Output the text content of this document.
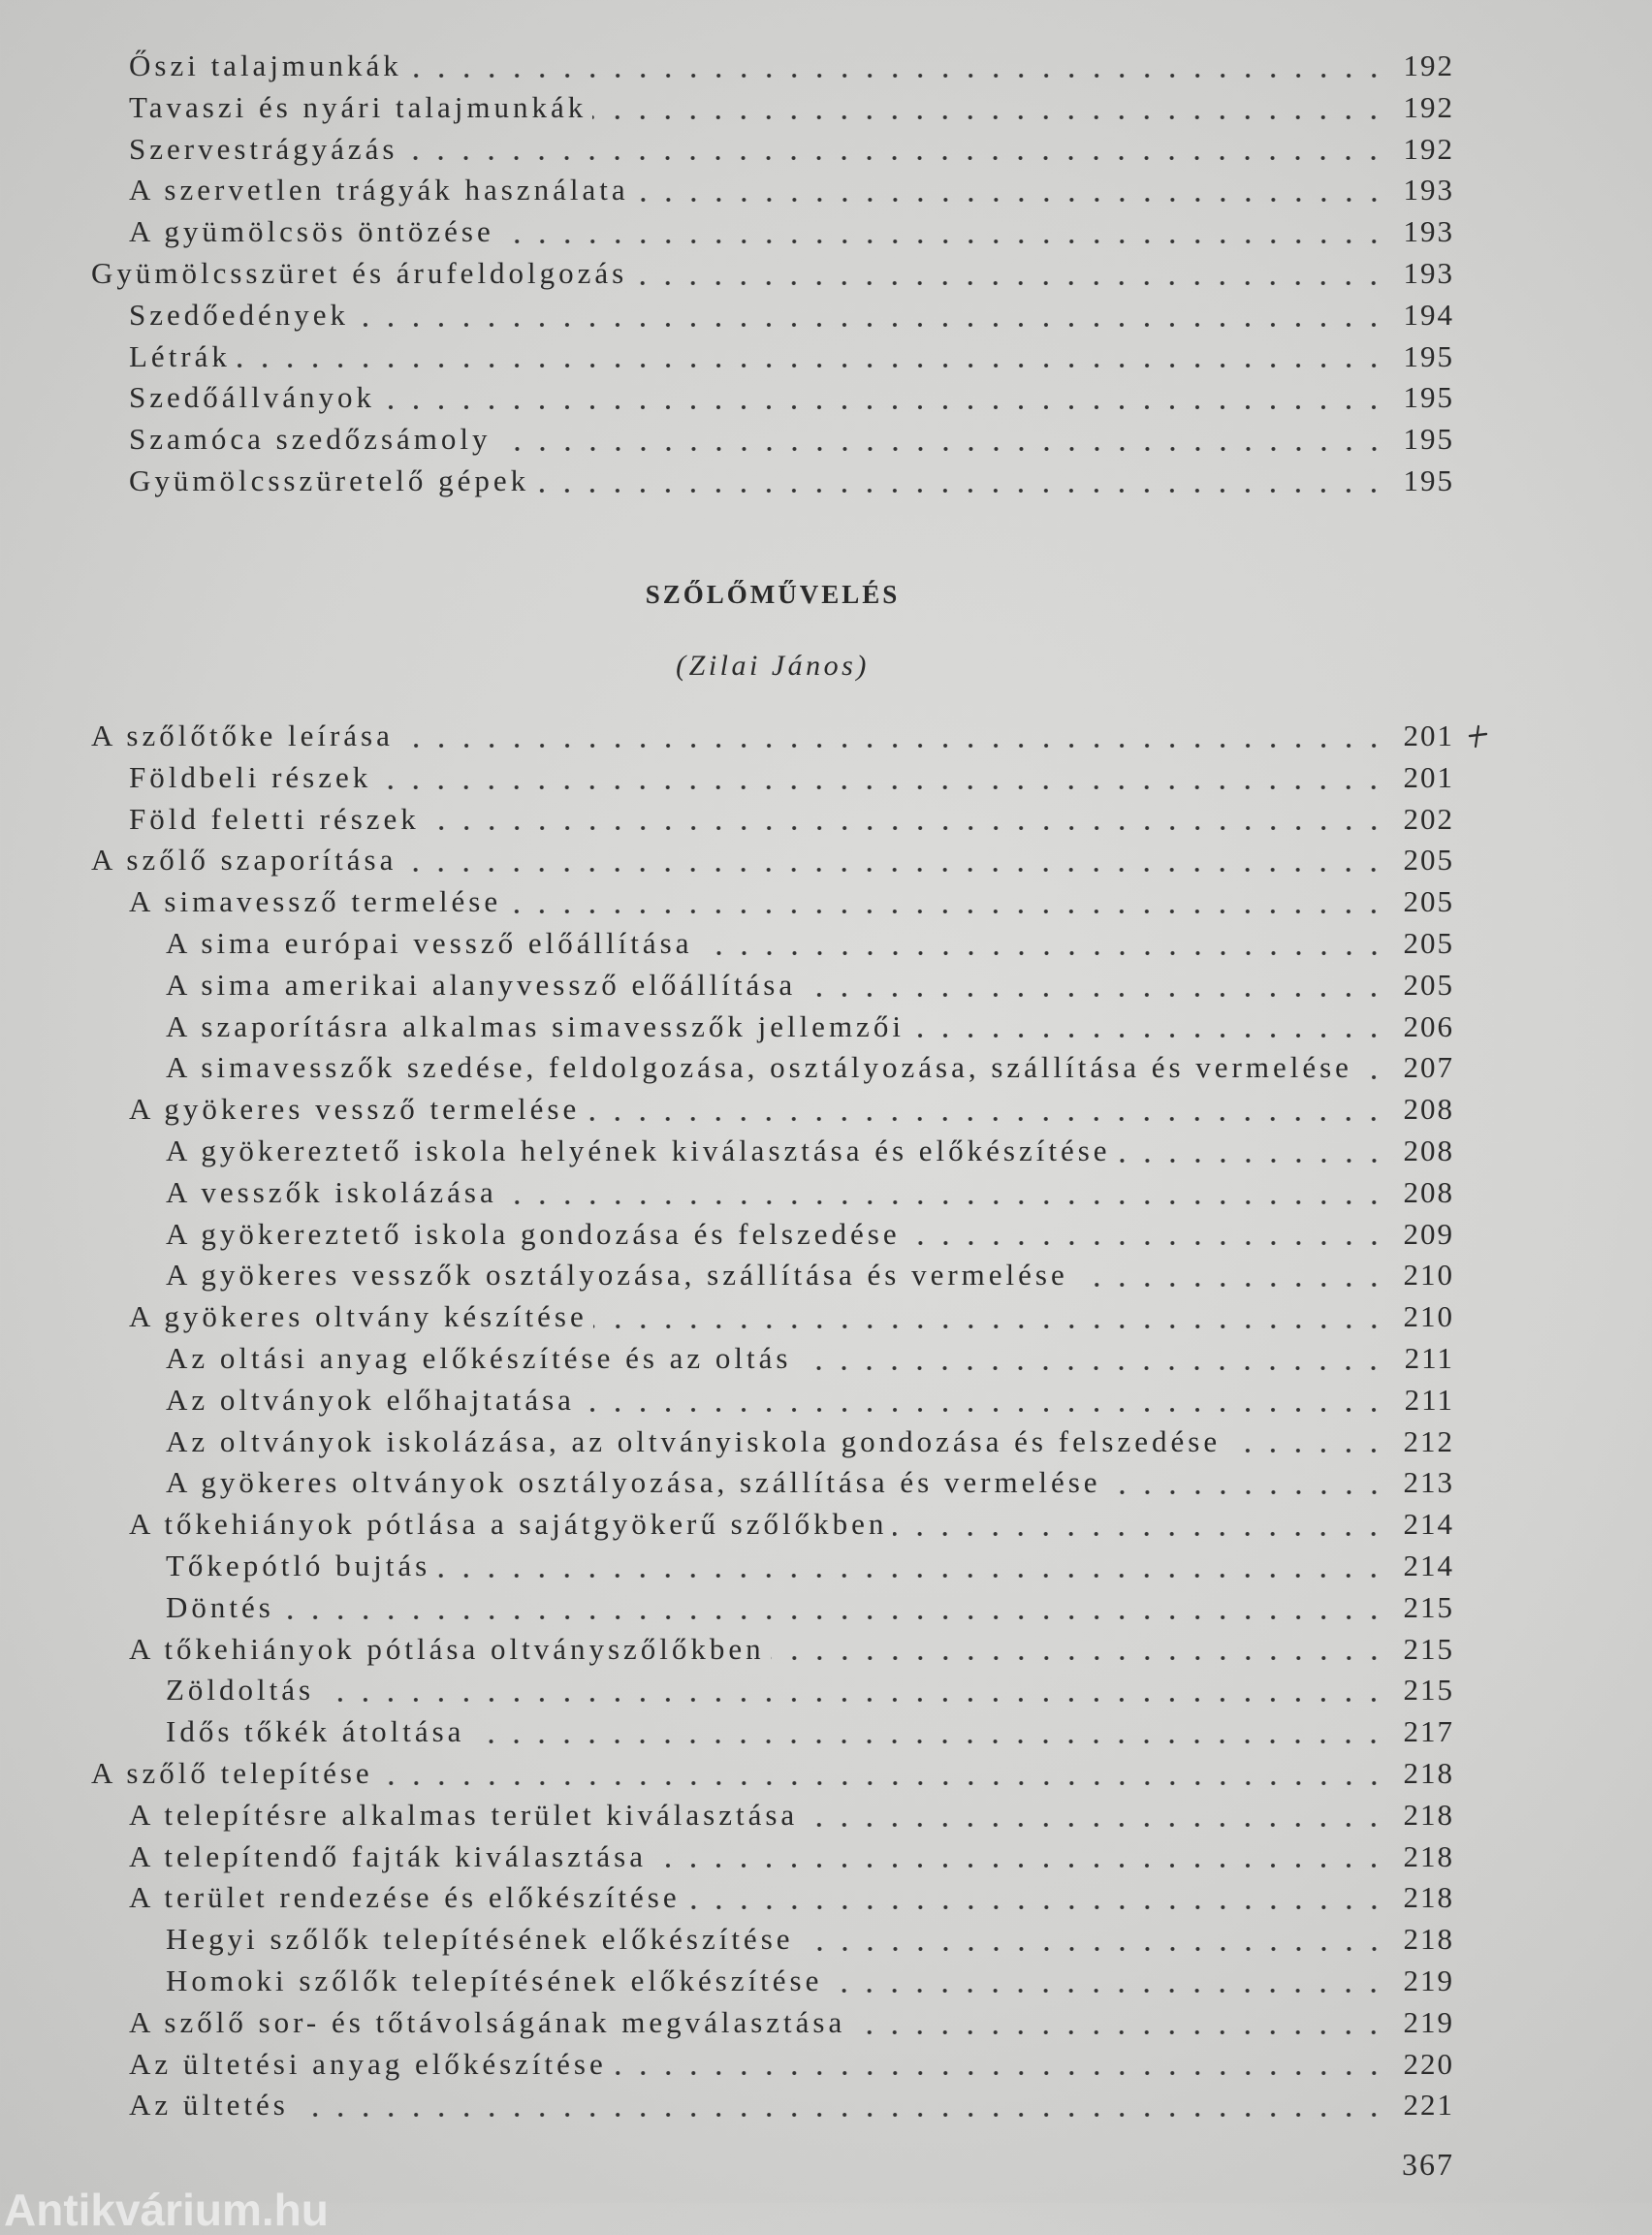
Őszi talajmunkák	192
Tavaszi és nyári talajmunkák	192
Szervestrágyázás	192
A szervetlen trágyák használata	193
A gyümölcsös öntözése	193
Gyümölcsszüret és árufeldolgozás	193
Szedőedények	194
Létrák	195
Szedőállványok	195
Szamóca szedőzsámoly	195
Gyümölcsszüretelő gépek	195
SZŐLŐMŰVELÉS
(Zilai János)
A szőlőtőke leírása	201
Földbeli részek	201
Föld feletti részek	202
A szőlő szaporítása	205
A simavessző termelése	205
A sima európai vessző előállítása	205
A sima amerikai alanyvessző előállítása	205
A szaporításra alkalmas simavesszők jellemzői	206
A simavesszők szedése, feldolgozása, osztályozása, szállítása és vermelése	207
A gyökeres vessző termelése	208
A gyökereztető iskola helyének kiválasztása és előkészítése	208
A vesszők iskolázása	208
A gyökereztető iskola gondozása és felszedése	209
A gyökeres vesszők osztályozása, szállítása és vermelése	210
A gyökeres oltvány készítése	210
Az oltási anyag előkészítése és az oltás	211
Az oltványok előhajtatása	211
Az oltványok iskolázása, az oltványiskola gondozása és felszedése	212
A gyökeres oltványok osztályozása, szállítása és vermelése	213
A tőkehiányok pótlása a sajátgyökerű szőlőkben	214
Tőkepótló bujtás	214
Döntés	215
A tőkehiányok pótlása oltványszőlőkben	215
Zöldoltás	215
Idős tőkék átoltása	217
A szőlő telepítése	218
A telepítésre alkalmas terület kiválasztása	218
A telepítendő fajták kiválasztása	218
A terület rendezése és előkészítése	218
Hegyi szőlők telepítésének előkészítése	218
Homoki szőlők telepítésének előkészítése	219
A szőlő sor- és tőtávolságának megválasztása	219
Az ültetési anyag előkészítése	220
Az ültetés	221
367
Antikvárium.hu
